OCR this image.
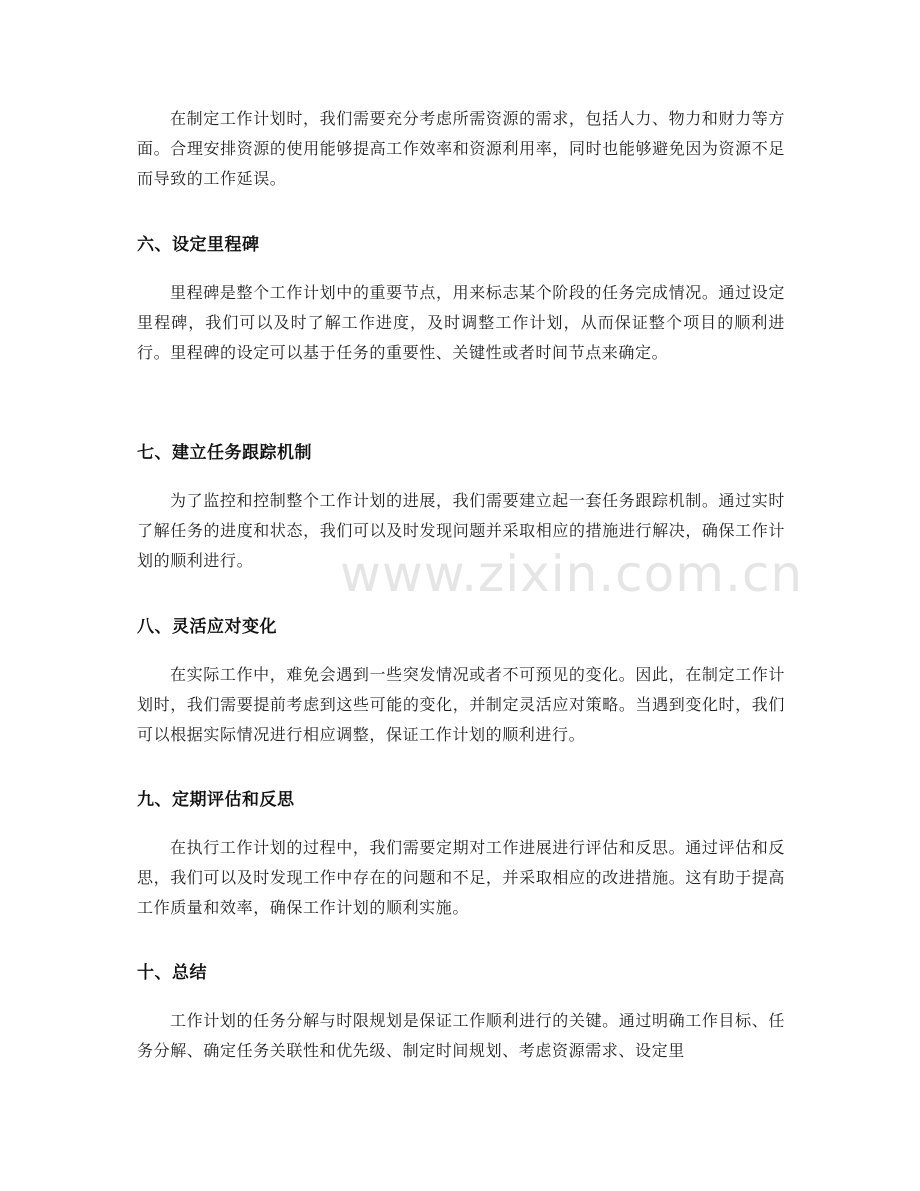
在制定工作计划时，我们需要充分考虑所需资源的需求，包括人力、物力和财力等方面。合理安排资源的使用能够提高工作效率和资源利用率，同时也能够避免因为资源不足而导致的工作延误。

六、设定里程碑

里程碑是整个工作计划中的重要节点，用来标志某个阶段的任务完成情况。通过设定里程碑，我们可以及时了解工作进度，及时调整工作计划，从而保证整个项目的顺利进行。里程碑的设定可以基于任务的重要性、关键性或者时间节点来确定。

七、建立任务跟踪机制

为了监控和控制整个工作计划的进展，我们需要建立起一套任务跟踪机制。通过实时了解任务的进度和状态，我们可以及时发现问题并采取相应的措施进行解决，确保工作计划的顺利进行。

八、灵活应对变化

在实际工作中，难免会遇到一些突发情况或者不可预见的变化。因此，在制定工作计划时，我们需要提前考虑到这些可能的变化，并制定灵活应对策略。当遇到变化时，我们可以根据实际情况进行相应调整，保证工作计划的顺利进行。

九、定期评估和反思

在执行工作计划的过程中，我们需要定期对工作进展进行评估和反思。通过评估和反思，我们可以及时发现工作中存在的问题和不足，并采取相应的改进措施。这有助于提高工作质量和效率，确保工作计划的顺利实施。

十、总结

工作计划的任务分解与时限规划是保证工作顺利进行的关键。通过明确工作目标、任务分解、确定任务关联性和优先级、制定时间规划、考虑资源需求、设定里

www.zixin.com.cn
